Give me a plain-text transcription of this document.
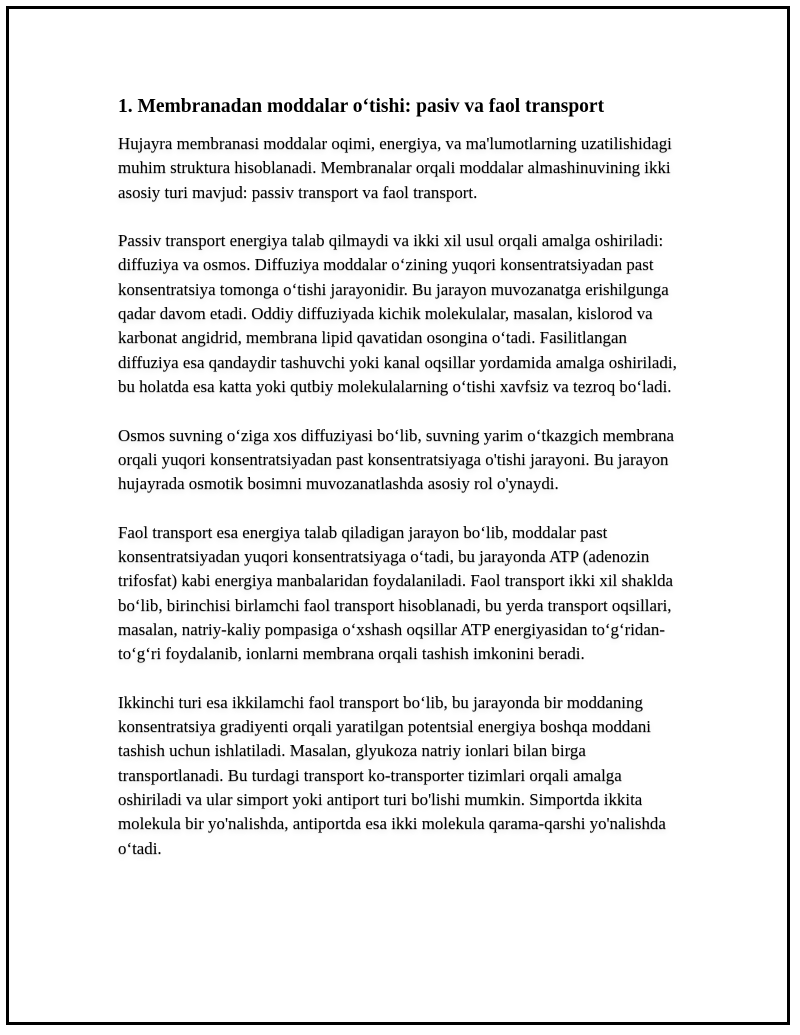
1. Membranadan moddalar o‘tishi: pasiv va faol transport

Hujayra membranasi moddalar oqimi, energiya, va ma'lumotlarning uzatilishidagi muhim struktura hisoblanadi. Membranalar orqali moddalar almashinuvining ikki asosiy turi mavjud: passiv transport va faol transport.

Passiv transport energiya talab qilmaydi va ikki xil usul orqali amalga oshiriladi: diffuziya va osmos. Diffuziya moddalar o‘zining yuqori konsentratsiyadan past konsentratsiya tomonga o‘tishi jarayonidir. Bu jarayon muvozanatga erishilgunga qadar davom etadi. Oddiy diffuziyada kichik molekulalar, masalan, kislorod va karbonat angidrid, membrana lipid qavatidan osongina o‘tadi. Fasilitlangan diffuziya esa qandaydir tashuvchi yoki kanal oqsillar yordamida amalga oshiriladi, bu holatda esa katta yoki qutbiy molekulalarning o‘tishi xavfsiz va tezroq bo‘ladi.

Osmos suvning o‘ziga xos diffuziyasi bo‘lib, suvning yarim o‘tkazgich membrana orqali yuqori konsentratsiyadan past konsentratsiyaga o'tishi jarayoni. Bu jarayon hujayrada osmotik bosimni muvozanatlashda asosiy rol o'ynaydi.

Faol transport esa energiya talab qiladigan jarayon bo‘lib, moddalar past konsentratsiyadan yuqori konsentratsiyaga o‘tadi, bu jarayonda ATP (adenozin trifosfat) kabi energiya manbalaridan foydalaniladi. Faol transport ikki xil shaklda bo‘lib, birinchisi birlamchi faol transport hisoblanadi, bu yerda transport oqsillari, masalan, natriy-kaliy pompasiga o‘xshash oqsillar ATP energiyasidan to‘g‘ridan-to‘g‘ri foydalanib, ionlarni membrana orqali tashish imkonini beradi.

Ikkinchi turi esa ikkilamchi faol transport bo‘lib, bu jarayonda bir moddaning konsentratsiya gradiyenti orqali yaratilgan potentsial energiya boshqa moddani tashish uchun ishlatiladi. Masalan, glyukoza natriy ionlari bilan birga transportlanadi. Bu turdagi transport ko-transporter tizimlari orqali amalga oshiriladi va ular simport yoki antiport turi bo'lishi mumkin. Simportda ikkita molekula bir yo'nalishda, antiportda esa ikki molekula qarama-qarshi yo'nalishda o‘tadi.
